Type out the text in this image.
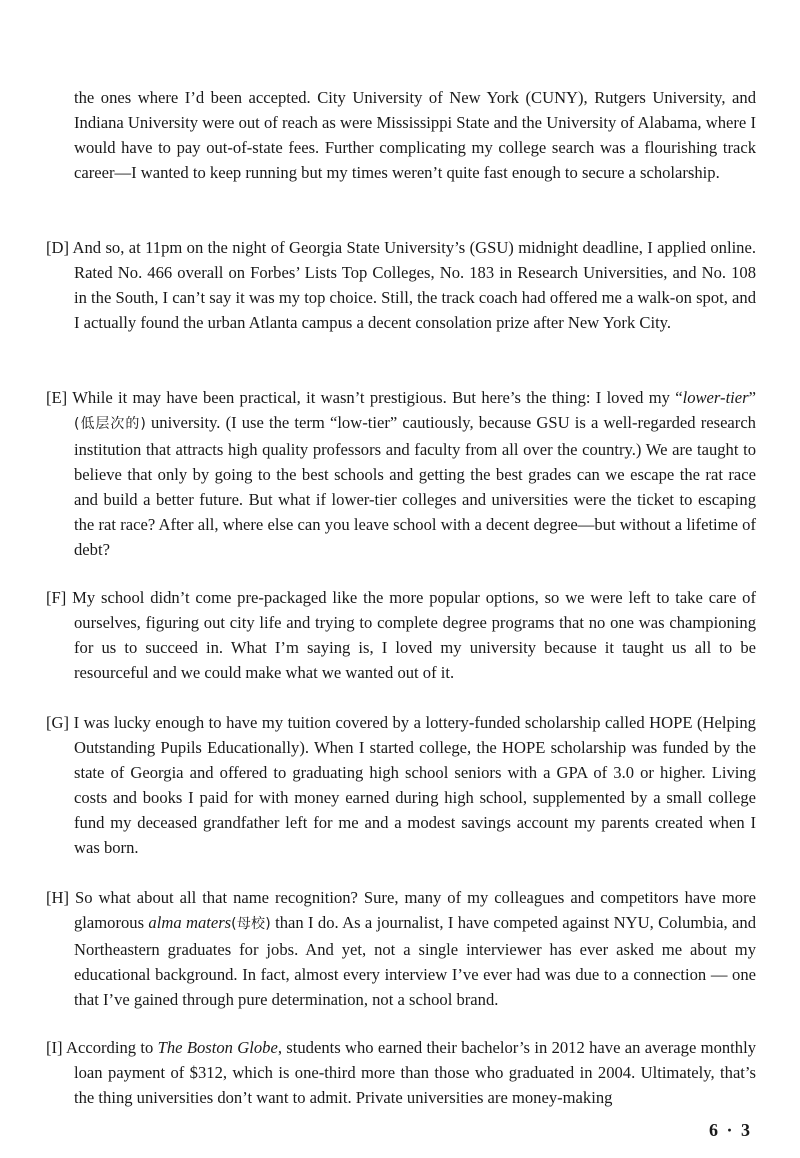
the ones where I’d been accepted. City University of New York (CUNY), Rutgers University, and Indiana University were out of reach as were Mississippi State and the University of Alabama, where I would have to pay out-of-state fees. Further complicating my college search was a flourishing track career—I wanted to keep running but my times weren’t quite fast enough to secure a scholarship.

[D] And so, at 11pm on the night of Georgia State University’s (GSU) midnight deadline, I applied online. Rated No. 466 overall on Forbes’ Lists Top Colleges, No. 183 in Research Universities, and No. 108 in the South, I can’t say it was my top choice. Still, the track coach had offered me a walk-on spot, and I actually found the urban Atlanta campus a decent consolation prize after New York City.

[E] While it may have been practical, it wasn’t prestigious. But here’s the thing: I loved my “lower-tier” (低层次的) university. (I use the term “low-tier” cautiously, because GSU is a well-regarded research institution that attracts high quality professors and faculty from all over the country.) We are taught to believe that only by going to the best schools and getting the best grades can we escape the rat race and build a better future. But what if lower-tier colleges and universities were the ticket to escaping the rat race? After all, where else can you leave school with a decent degree—but without a lifetime of debt?

[F] My school didn’t come pre-packaged like the more popular options, so we were left to take care of ourselves, figuring out city life and trying to complete degree programs that no one was championing for us to succeed in. What I’m saying is, I loved my university because it taught us all to be resourceful and we could make what we wanted out of it.

[G] I was lucky enough to have my tuition covered by a lottery-funded scholarship called HOPE (Helping Outstanding Pupils Educationally). When I started college, the HOPE scholarship was funded by the state of Georgia and offered to graduating high school seniors with a GPA of 3.0 or higher. Living costs and books I paid for with money earned during high school, supplemented by a small college fund my deceased grandfather left for me and a modest savings account my parents created when I was born.

[H] So what about all that name recognition? Sure, many of my colleagues and competitors have more glamorous alma maters(母校) than I do. As a journalist, I have competed against NYU, Columbia, and Northeastern graduates for jobs. And yet, not a single interviewer has ever asked me about my educational background. In fact, almost every interview I’ve ever had was due to a connection — one that I’ve gained through pure determination, not a school brand.

[I] According to The Boston Globe, students who earned their bachelor’s in 2012 have an average monthly loan payment of $312, which is one-third more than those who graduated in 2004. Ultimately, that’s the thing universities don’t want to admit. Private universities are money-making

6 · 3
